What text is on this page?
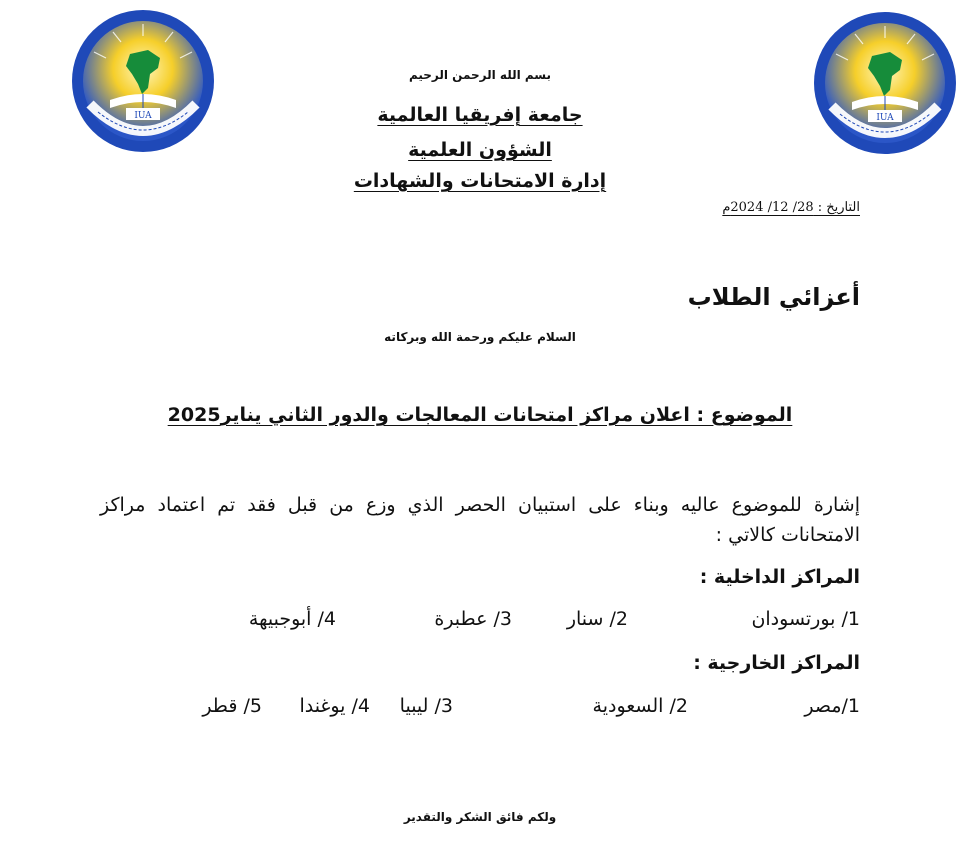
IUA	IUA
بسم الله الرحمن الرحيم
جامعة إفريقيا العالمية
الشؤون العلمية
إدارة الامتحانات والشهادات
التاريخ : 28/ 12/ 2024م
أعزائي الطلاب
السلام عليكم ورحمة الله وبركاته
الموضوع : اعلان مراكز امتحانات المعالجات والدور الثاني يناير2025
إشارة للموضوع عاليه وبناء على استبيان الحصر الذي وزع من قبل فقد تم اعتماد مراكز الامتحانات كالاتي :
المراكز الداخلية :
1/ بورتسودان
2/ سنار
3/ عطبرة
4/ أبوجبيهة
المراكز الخارجية :
1/مصر
2/ السعودية
3/ ليبيا
4/ يوغندا
5/ قطر
ولكم فائق الشكر والتقدير
